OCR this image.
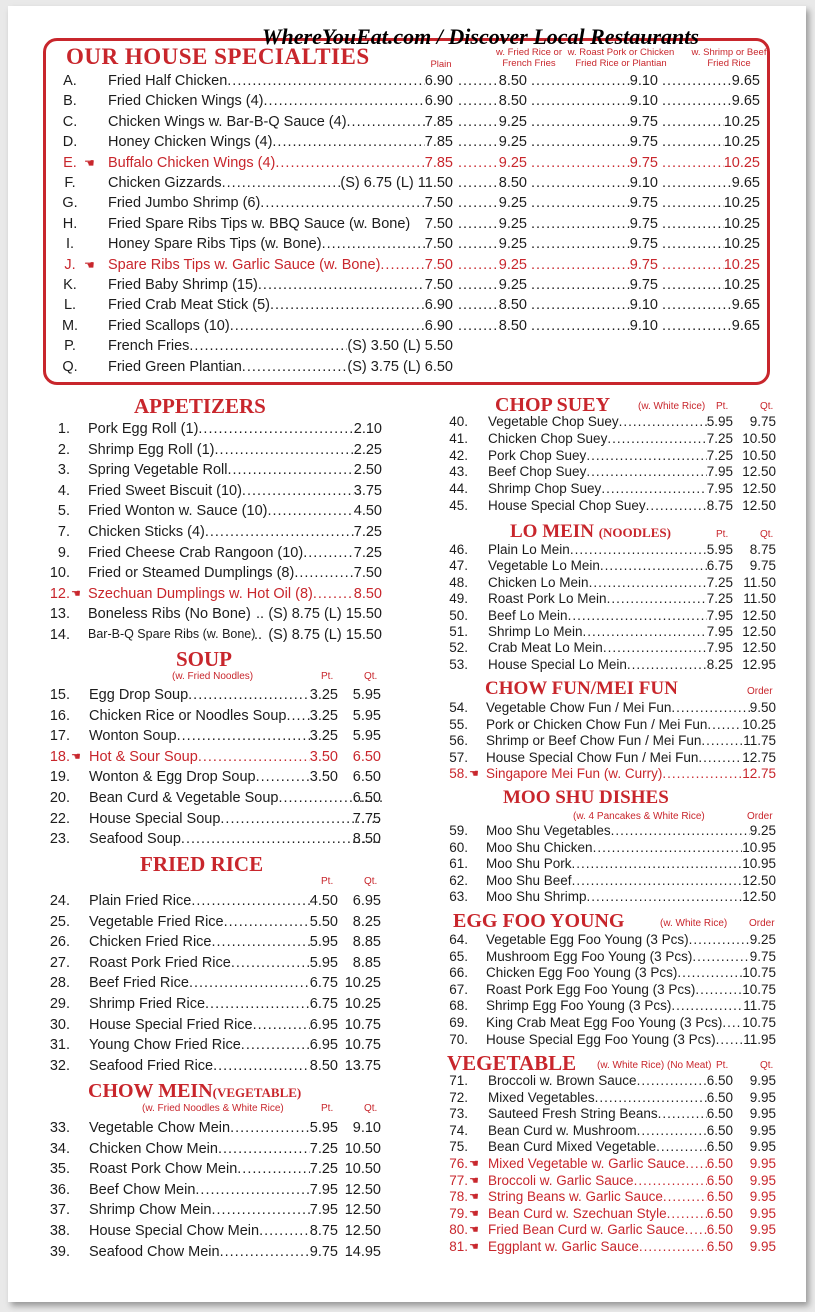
WhereYouEat.com / Discover Local Restaurants
OUR HOUSE SPECIALTIES	Plain
w. Fried Rice or
French Fries
w. Roast Pork or Chicken
Fried Rice or Plantian
w. Shrimp or Beef
Fried Rice
A.	Fried Half Chicken .....	6.90 .....	8.50 .....	9.10 .....	9.65
B.	Fried Chicken Wings (4) .....	6.90 .....	8.50 .....	9.10 .....	9.65
C.	Chicken Wings w. Bar-B-Q Sauce (4) .....	7.85 .....	9.25 .....	9.75 .....	10.25
D.	Honey Chicken Wings (4) .....	7.85 .....	9.25 .....	9.75 .....	10.25
E. ☚ Buffalo Chicken Wings (4) .....	7.85 .....	9.25 .....	9.75 .....	10.25
F.	Chicken Gizzards .....	(S) 6.75 (L) 11.50 .....	8.50 .....	9.10 .....	9.65
G. Fried Jumbo Shrimp (6) .....	7.50 .....	9.25 .....	9.75 .....	10.25
H.	Fried Spare Ribs Tips w. BBQ Sauce (w. Bone) 7.50 .....	9.25 .....	9.75 .....	10.25
I.	Honey Spare Ribs Tips (w. Bone) .....	7.50 .....	9.25 .....	9.75 .....	10.25
J. ☚ Spare Ribs Tips w. Garlic Sauce (w. Bone) .....	7.50 .....	9.25 .....	9.75 .....	10.25
K.	Fried Baby Shrimp (15) .....	7.50 .....	9.25 .....	9.75 .....	10.25
L.	Fried Crab Meat Stick (5) .....	6.90 .....	8.50 .....	9.10 .....	9.65
M. Fried Scallops (10) .....	6.90 .....	8.50 .....	9.10 .....	9.65
P.	French Fries .....	(S) 3.50 (L) 5.50
Q. Fried Green Plantian .....	(S) 3.75 (L) 6.50
APPETIZERS
1. Pork Egg Roll (1) .....	2.10
2. Shrimp Egg Roll (1) .....	2.25
3. Spring Vegetable Roll .....	2.50
4. Fried Sweet Biscuit (10) .....	3.75
5. Fried Wonton w. Sauce (10) .....	4.50
7. Chicken Sticks (4) .....	7.25
9. Fried Cheese Crab Rangoon (10) .....	7.25
10. Fried or Steamed Dumplings (8) .....	7.50
12. ☚ Szechuan Dumplings w. Hot Oil (8) .....	8.50
13. Boneless Ribs (No Bone) .. (S) 8.75 (L) 15.50
14. Bar-B-Q Spare Ribs (w. Bone)
.. (S) 8.75 (L) 15.50
SOUP
(w. Fried Noodles)	Pt.	Qt.
15. Egg Drop Soup .....	3.25 5.95
16. Chicken Rice or Noodles Soup ..... 3.25 5.95
17. Wonton Soup .....	3.25 5.95
18. ☚ Hot & Sour Soup .....	3.50 6.50
19. Wonton & Egg Drop Soup .....	3.50 6.50
20. Bean Curd & Vegetable Soup .....	6.50
22. House Special Soup .....	7.75
23. Seafood Soup .....	8.50
FRIED RICE
Pt.	Qt.
24. Plain Fried Rice .....	4.50 6.95
25. Vegetable Fried Rice .....	5.50 8.25
26. Chicken Fried Rice .....	5.95 8.85
27. Roast Pork Fried Rice .....	5.95 8.85
28. Beef Fried Rice .....	6.75 10.25
29. Shrimp Fried Rice .....	6.75 10.25
30. House Special Fried Rice .....	6.95 10.75
31. Young Chow Fried Rice .....	6.95 10.75
32. Seafood Fried Rice .....	8.50 13.75
CHOW MEIN(VEGETABLE)
(w. Fried Noodles & White Rice)	Pt.	Qt.
33. Vegetable Chow Mein .....	5.95 9.10
34. Chicken Chow Mein .....	7.25 10.50
35. Roast Pork Chow Mein .....	7.25 10.50
36. Beef Chow Mein .....	7.95 12.50
37. Shrimp Chow Mein .....	7.95 12.50
38. House Special Chow Mein .....	8.75 12.50
39. Seafood Chow Mein .....	9.75 14.95
CHOP SUEY	(w. White Rice) Pt.	Qt.
40. Vegetable Chop Suey .....	5.95 9.75
41. Chicken Chop Suey .....	7.25 10.50
42. Pork Chop Suey .....	7.25 10.50
43. Beef Chop Suey .....	7.95 12.50
44. Shrimp Chop Suey .....	7.95 12.50
45. House Special Chop Suey .....	8.75 12.50
LO MEIN (NOODLES)	Pt.	Qt.
46. Plain Lo Mein .....	5.95 8.75
47. Vegetable Lo Mein .....	6.75 9.75
48. Chicken Lo Mein .....	7.25 11.50
49. Roast Pork Lo Mein .....	7.25 11.50
50. Beef Lo Mein .....	7.95 12.50
51. Shrimp Lo Mein .....	7.95 12.50
52. Crab Meat Lo Mein .....	7.95 12.50
53. House Special Lo Mein .....	8.25 12.95
CHOW FUN/MEI FUN	Order
54. Vegetable Chow Fun / Mei Fun .....	9.50
55. Pork or Chicken Chow Fun / Mei Fun .....	10.25
56. Shrimp or Beef Chow Fun / Mei Fun .....	11.75
57. House Special Chow Fun / Mei Fun .....	12.75
58. ☚ Singapore Mei Fun (w. Curry) .....	12.75
MOO SHU DISHES
(w. 4 Pancakes & White Rice)	Order
59. Moo Shu Vegetables .....	9.25
60. Moo Shu Chicken .....	10.95
61. Moo Shu Pork .....	10.95
62. Moo Shu Beef .....	12.50
63. Moo Shu Shrimp .....	12.50
EGG FOO YOUNG	(w. White Rice) Order
64. Vegetable Egg Foo Young (3 Pcs) .....	9.25
65. Mushroom Egg Foo Young (3 Pcs) .....	9.75
66. Chicken Egg Foo Young (3 Pcs) .....	10.75
67. Roast Pork Egg Foo Young (3 Pcs) .....	10.75
68. Shrimp Egg Foo Young (3 Pcs) .....	11.75
69. King Crab Meat Egg Foo Young (3 Pcs) ..... 10.75
70. House Special Egg Foo Young (3 Pcs) ..... 11.95
VEGETABLE (w. White Rice) (No Meat) Pt.	Qt.
71. Broccoli w. Brown Sauce .....	6.50 9.95
72. Mixed Vegetables .....	6.50 9.95
73. Sauteed Fresh String Beans .....	6.50 9.95
74. Bean Curd w. Mushroom .....	6.50 9.95
75. Bean Curd Mixed Vegetable .....	6.50 9.95
76. ☚ Mixed Vegetable w. Garlic Sauce ..... 6.50 9.95
77. ☚ Broccoli w. Garlic Sauce .....	6.50 9.95
78. ☚ String Beans w. Garlic Sauce .....	6.50 9.95
79. ☚ Bean Curd w. Szechuan Style .....	6.50 9.95
80. ☚ Fried Bean Curd w. Garlic Sauce ..... 6.50 9.95
81. ☚ Eggplant w. Garlic Sauce .....	6.50 9.95
